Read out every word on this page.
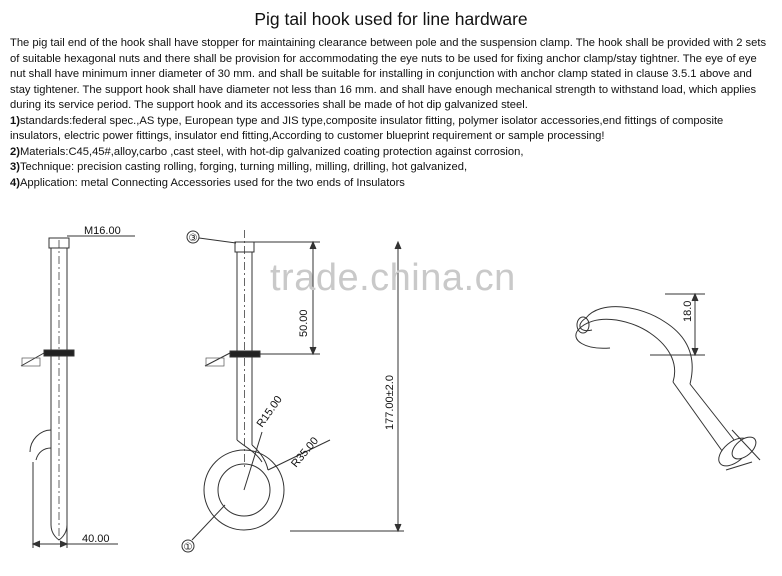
Pig tail hook used for line hardware

The pig tail end of the hook shall have stopper for maintaining clearance between pole and the suspension clamp. The hook shall be provided with 2 sets of suitable hexagonal nuts and there shall be provision for accommodating the eye nuts to be used for fixing anchor clamp/stay tightner. The eye of eye nut shall have minimum inner diameter of 30 mm. and shall be suitable for installing in conjunction with anchor clamp stated in clause 3.5.1 above and stay tightener. The support hook shall have diameter not less than 16 mm. and shall have enough mechanical strength to withstand load, which applies during its service period. The support hook and its accessories shall be made of hot dip galvanized steel.

1)standards:federal spec.,AS type, European type and JIS type,composite insulator fitting, polymer isolator accessories,end fittings of composite insulators, electric power fittings, insulator end fitting,According to customer blueprint requirement or sample processing!

2)Materials:C45,45#,alloy,carbo ,cast steel, with hot-dip galvanized coating protection against corrosion,

3)Technique: precision casting rolling, forging, turning milling, milling, drilling, hot galvanized,

4)Application: metal Connecting Accessories used for the two ends of Insulators

③
①
M16.00
40.00
50.00
177.00±2.0
R15.00
R35.00
18.0
trade.china.cn
